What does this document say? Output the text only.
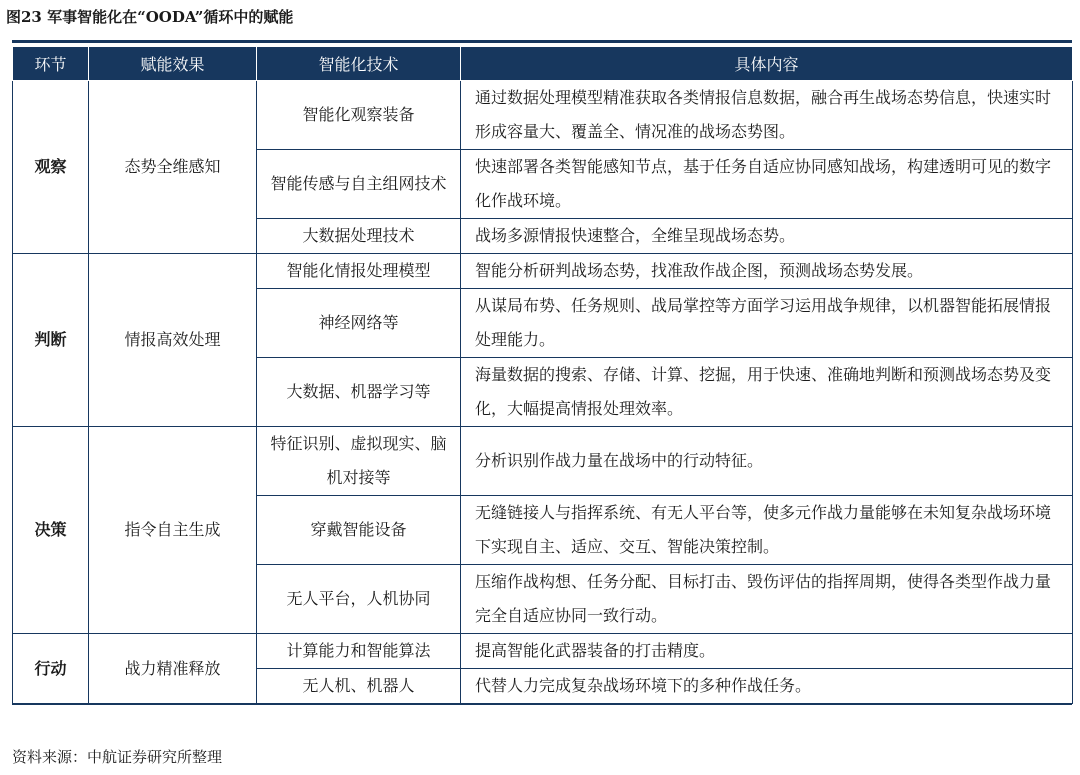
图23 军事智能化在“OODA”循环中的赋能
环节	赋能效果	智能化技术	具体内容
观察	态势全维感知	智能化观察装备	通过数据处理模型精准获取各类情报信息数据，融合再生战场态势信息，快速实时形成容量大、覆盖全、情况准的战场态势图。
		智能传感与自主组网技术	快速部署各类智能感知节点，基于任务自适应协同感知战场，构建透明可见的数字化作战环境。
		大数据处理技术	战场多源情报快速整合，全维呈现战场态势。
判断	情报高效处理	智能化情报处理模型	智能分析研判战场态势，找准敌作战企图，预测战场态势发展。
		神经网络等	从谋局布势、任务规则、战局掌控等方面学习运用战争规律，以机器智能拓展情报处理能力。
		大数据、机器学习等	海量数据的搜索、存储、计算、挖掘，用于快速、准确地判断和预测战场态势及变化，大幅提高情报处理效率。
决策	指令自主生成	特征识别、虚拟现实、脑机对接等	分析识别作战力量在战场中的行动特征。
		穿戴智能设备	无缝链接人与指挥系统、有无人平台等，使多元作战力量能够在未知复杂战场环境下实现自主、适应、交互、智能决策控制。
		无人平台，人机协同	压缩作战构想、任务分配、目标打击、毁伤评估的指挥周期，使得各类型作战力量完全自适应协同一致行动。
行动	战力精准释放	计算能力和智能算法	提高智能化武器装备的打击精度。
		无人机、机器人	代替人力完成复杂战场环境下的多种作战任务。
资料来源：中航证券研究所整理
